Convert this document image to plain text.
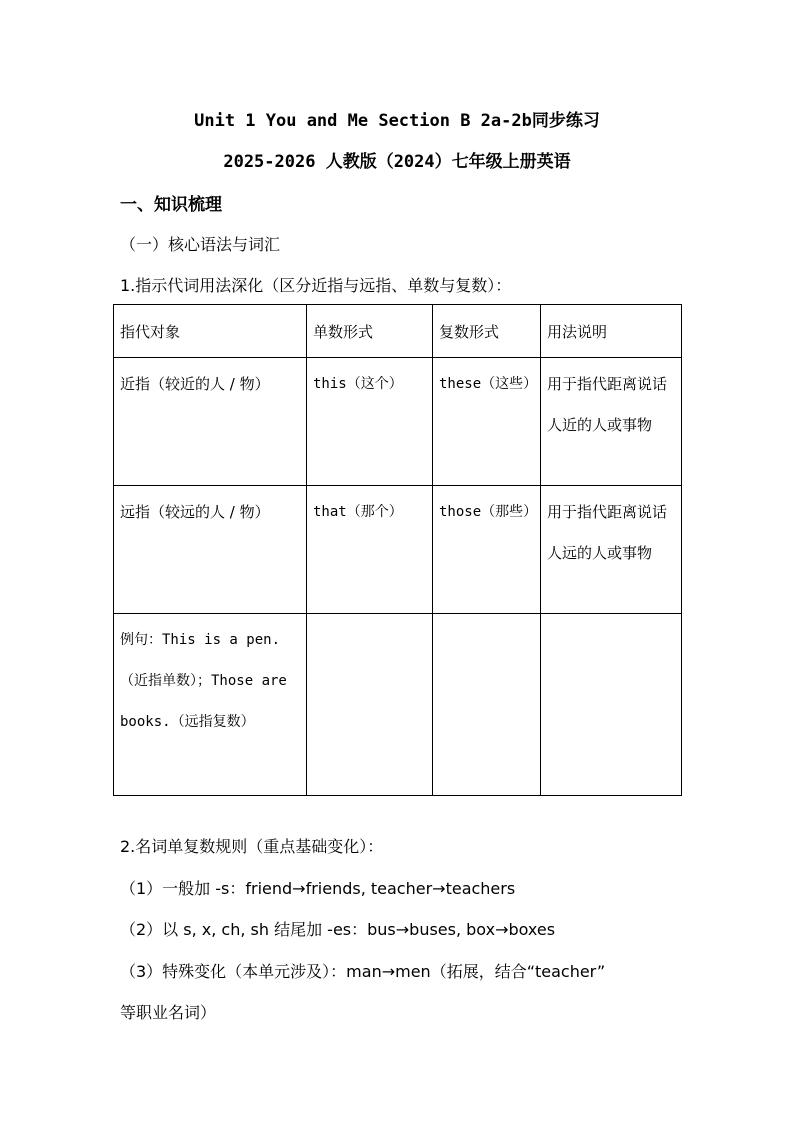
Unit 1 You and Me Section B 2a-2b同步练习
2025-2026 人教版（2024）七年级上册英语
一、知识梳理
（一）核心语法与词汇
1.指示代词用法深化（区分近指与远指、单数与复数）：
指代对象	单数形式	复数形式	用法说明
近指（较近的人 / 物）	this（这个）	these（这些）	用于指代距离说话人近的人或事物
远指（较远的人 / 物）	that（那个）	those（那些）	用于指代距离说话人远的人或事物
例句：This is a pen.（近指单数）；Those are books.（远指复数）			
2.名词单复数规则（重点基础变化）：
（1）一般加 -s：friend→friends, teacher→teachers
（2）以 s, x, ch, sh 结尾加 -es：bus→buses, box→boxes
（3）特殊变化（本单元涉及）：man→men（拓展，结合“teacher”
等职业名词）
